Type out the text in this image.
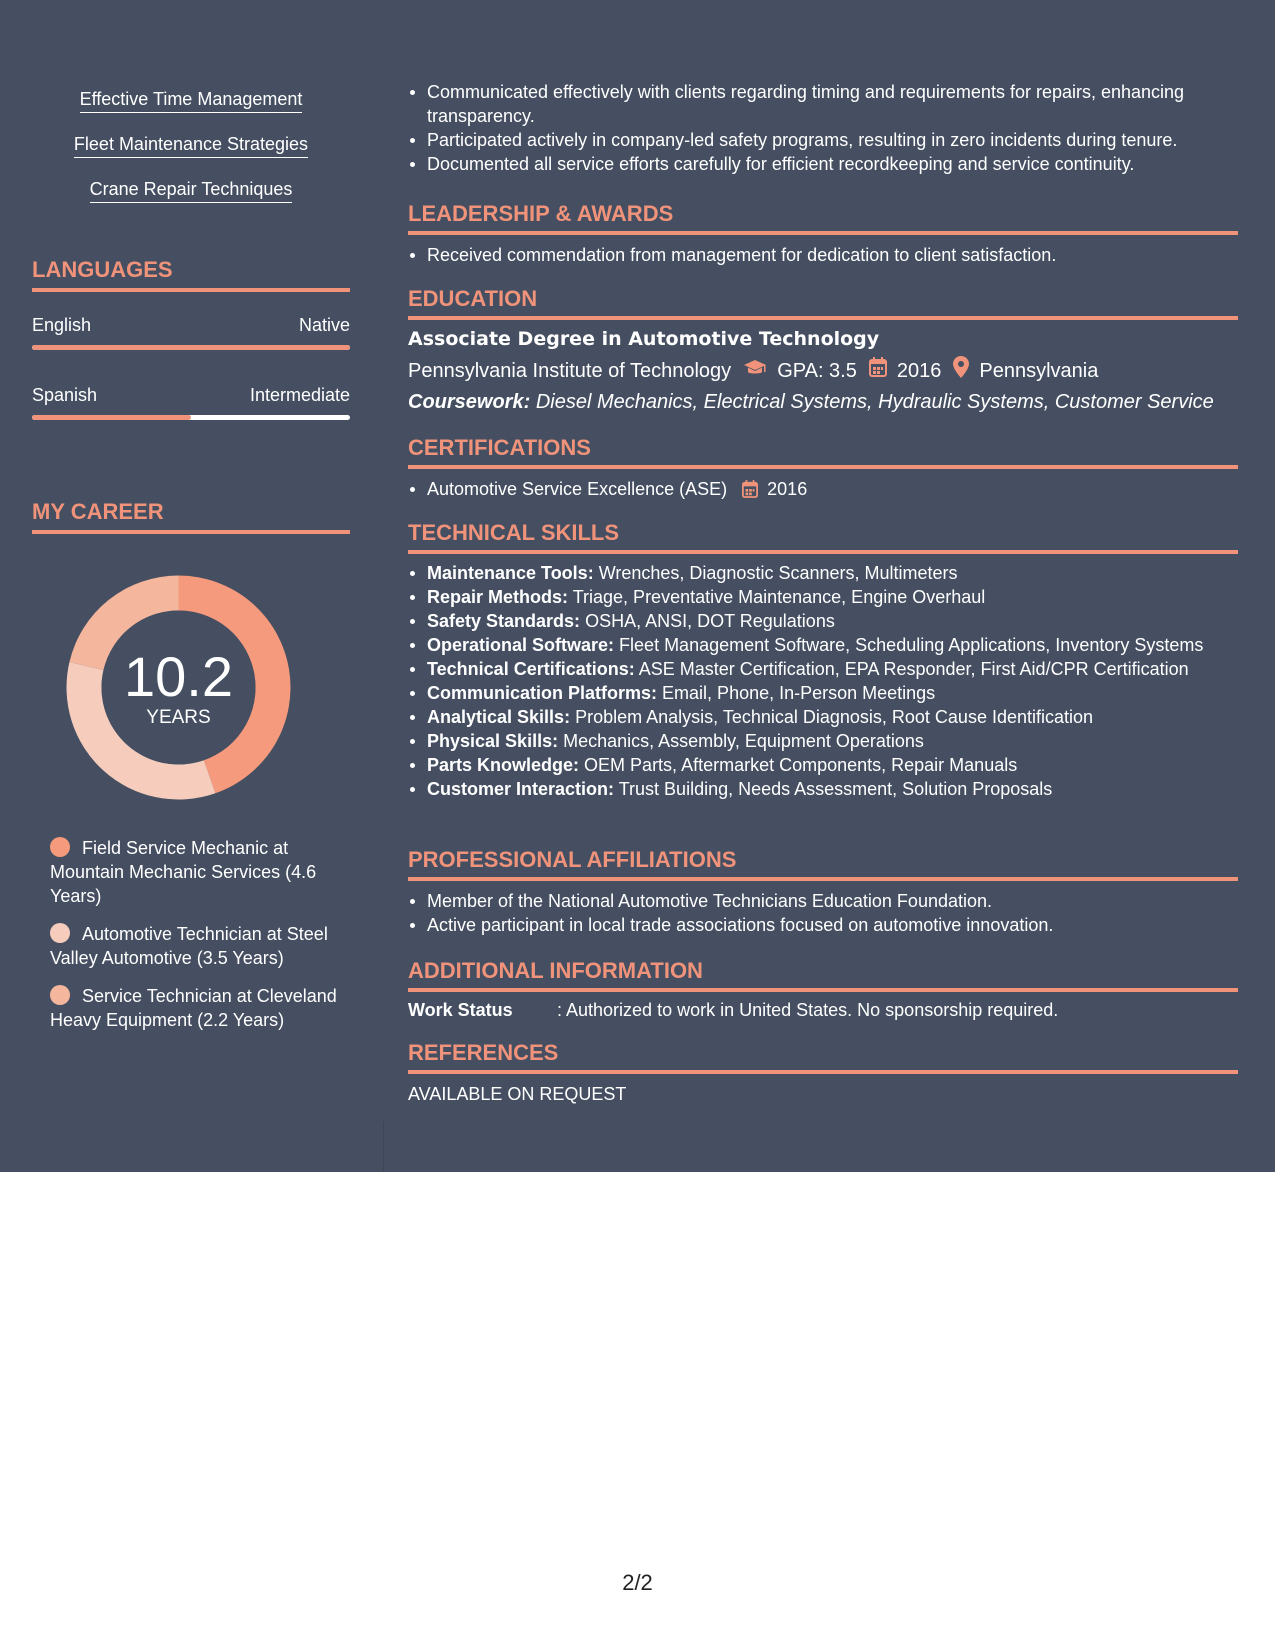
Effective Time Management
Fleet Maintenance Strategies
Crane Repair Techniques
LANGUAGES
English	Native
Spanish	Intermediate
MY CAREER
10.2
YEARS
Field Service Mechanic at Mountain Mechanic Services (4.6 Years)
Automotive Technician at Steel Valley Automotive (3.5 Years)
Service Technician at Cleveland Heavy Equipment (2.2 Years)
Communicated effectively with clients regarding timing and requirements for repairs, enhancing transparency.
Participated actively in company-led safety programs, resulting in zero incidents during tenure.
Documented all service efforts carefully for efficient recordkeeping and service continuity.
LEADERSHIP & AWARDS
Received commendation from management for dedication to client satisfaction.
EDUCATION
Associate Degree in Automotive Technology
Pennsylvania Institute of Technology GPA: 3.5 2016 Pennsylvania
Coursework: Diesel Mechanics, Electrical Systems, Hydraulic Systems, Customer Service
CERTIFICATIONS
Automotive Service Excellence (ASE) 2016
TECHNICAL SKILLS
Maintenance Tools: Wrenches, Diagnostic Scanners, Multimeters
Repair Methods: Triage, Preventative Maintenance, Engine Overhaul
Safety Standards: OSHA, ANSI, DOT Regulations
Operational Software: Fleet Management Software, Scheduling Applications, Inventory Systems
Technical Certifications: ASE Master Certification, EPA Responder, First Aid/CPR Certification
Communication Platforms: Email, Phone, In-Person Meetings
Analytical Skills: Problem Analysis, Technical Diagnosis, Root Cause Identification
Physical Skills: Mechanics, Assembly, Equipment Operations
Parts Knowledge: OEM Parts, Aftermarket Components, Repair Manuals
Customer Interaction: Trust Building, Needs Assessment, Solution Proposals
PROFESSIONAL AFFILIATIONS
Member of the National Automotive Technicians Education Foundation.
Active participant in local trade associations focused on automotive innovation.
ADDITIONAL INFORMATION
Work Status	: Authorized to work in United States. No sponsorship required.
REFERENCES
AVAILABLE ON REQUEST
2/2
